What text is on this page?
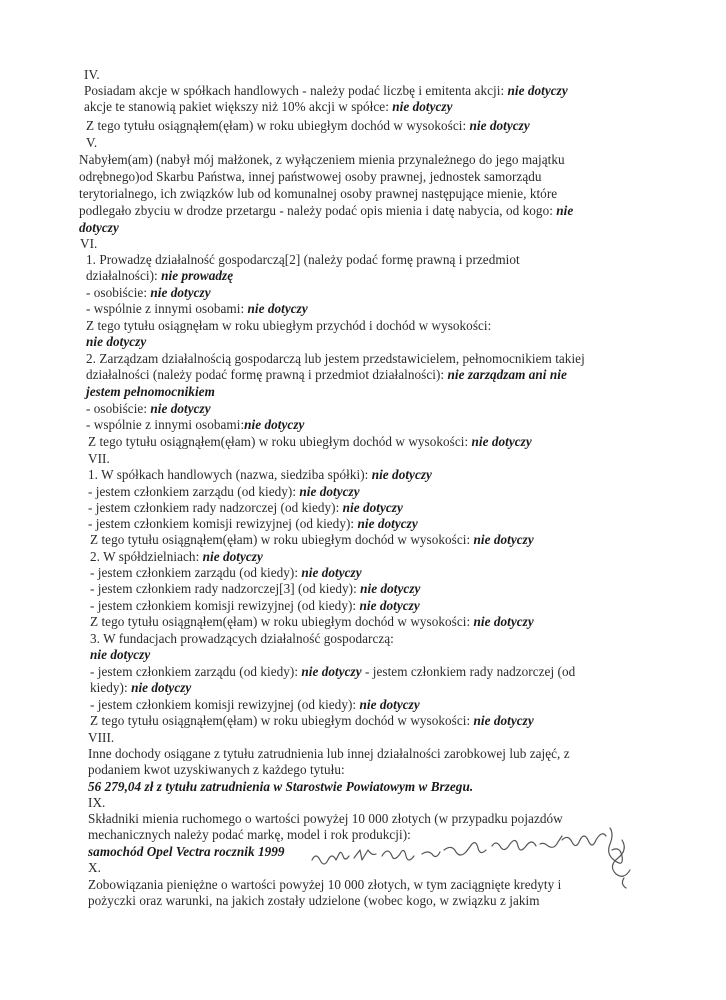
IV.
Posiadam akcje w spółkach handlowych - należy podać liczbę i emitenta akcji: nie dotyczy
akcje te stanowią pakiet większy niż 10% akcji w spółce: nie dotyczy
Z tego tytułu osiągnąłem(ęłam) w roku ubiegłym dochód w wysokości: nie dotyczy
V.
Nabyłem(am) (nabył mój małżonek, z wyłączeniem mienia przynależnego do jego majątku
odrębnego)od Skarbu Państwa, innej państwowej osoby prawnej, jednostek samorządu
terytorialnego, ich związków lub od komunalnej osoby prawnej następujące mienie, które
podlegało zbyciu w drodze przetargu - należy podać opis mienia i datę nabycia, od kogo: nie
dotyczy
VI.
1. Prowadzę działalność gospodarczą[2] (należy podać formę prawną i przedmiot
działalności): nie prowadzę
- osobiście: nie dotyczy
- wspólnie z innymi osobami: nie dotyczy
Z tego tytułu osiągnęłam w roku ubiegłym przychód i dochód w wysokości:
nie dotyczy
2. Zarządzam działalnością gospodarczą lub jestem przedstawicielem, pełnomocnikiem takiej
działalności (należy podać formę prawną i przedmiot działalności): nie zarządzam ani nie
jestem pełnomocnikiem
- osobiście: nie dotyczy
- wspólnie z innymi osobami:nie dotyczy
Z tego tytułu osiągnąłem(ęłam) w roku ubiegłym dochód w wysokości: nie dotyczy
VII.
1. W spółkach handlowych (nazwa, siedziba spółki): nie dotyczy
- jestem członkiem zarządu (od kiedy): nie dotyczy
- jestem członkiem rady nadzorczej (od kiedy): nie dotyczy
- jestem członkiem komisji rewizyjnej (od kiedy): nie dotyczy
Z tego tytułu osiągnąłem(ęłam) w roku ubiegłym dochód w wysokości: nie dotyczy
2. W spółdzielniach: nie dotyczy
- jestem członkiem zarządu (od kiedy): nie dotyczy
- jestem członkiem rady nadzorczej[3] (od kiedy): nie dotyczy
- jestem członkiem komisji rewizyjnej (od kiedy): nie dotyczy
Z tego tytułu osiągnąłem(ęłam) w roku ubiegłym dochód w wysokości: nie dotyczy
3. W fundacjach prowadzących działalność gospodarczą:
nie dotyczy
- jestem członkiem zarządu (od kiedy): nie dotyczy - jestem członkiem rady nadzorczej (od
kiedy): nie dotyczy
- jestem członkiem komisji rewizyjnej (od kiedy): nie dotyczy
Z tego tytułu osiągnąłem(ęłam) w roku ubiegłym dochód w wysokości: nie dotyczy
VIII.
Inne dochody osiągane z tytułu zatrudnienia lub innej działalności zarobkowej lub zajęć, z
podaniem kwot uzyskiwanych z każdego tytułu:
56 279,04 zł z tytułu zatrudnienia w Starostwie Powiatowym w Brzegu.
IX.
Składniki mienia ruchomego o wartości powyżej 10 000 złotych (w przypadku pojazdów
mechanicznych należy podać markę, model i rok produkcji):
samochód Opel Vectra rocznik 1999
X.
Zobowiązania pieniężne o wartości powyżej 10 000 złotych, w tym zaciągnięte kredyty i
pożyczki oraz warunki, na jakich zostały udzielone (wobec kogo, w związku z jakim
